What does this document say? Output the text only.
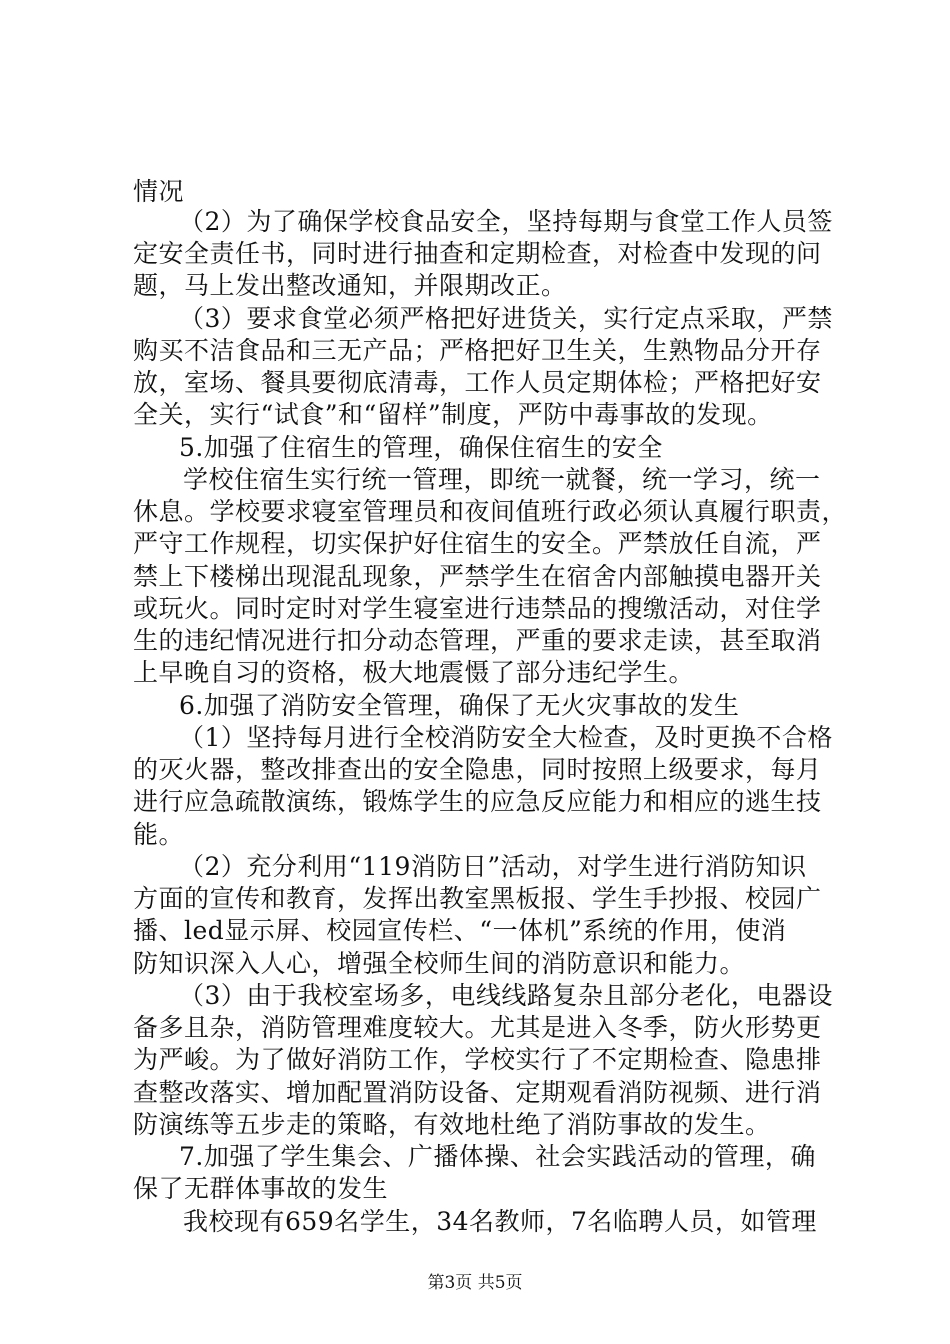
情况
（2）为了确保学校食品安全，坚持每期与食堂工作人员签
定安全责任书，同时进行抽查和定期检查，对检查中发现的问
题，马上发出整改通知，并限期改正。
（3）要求食堂必须严格把好进货关，实行定点采取，严禁
购买不洁食品和三无产品；严格把好卫生关，生熟物品分开存
放，室场、餐具要彻底清毒，工作人员定期体检；严格把好安
全关，实行“试食”和“留样”制度，严防中毒事故的发现。
5.加强了住宿生的管理，确保住宿生的安全
学校住宿生实行统一管理，即统一就餐，统一学习，统一
休息。学校要求寝室管理员和夜间值班行政必须认真履行职责，
严守工作规程，切实保护好住宿生的安全。严禁放任自流，严
禁上下楼梯出现混乱现象，严禁学生在宿舍内部触摸电器开关
或玩火。同时定时对学生寝室进行违禁品的搜缴活动，对住学
生的违纪情况进行扣分动态管理，严重的要求走读，甚至取消
上早晚自习的资格，极大地震慑了部分违纪学生。
6.加强了消防安全管理，确保了无火灾事故的发生
（1）坚持每月进行全校消防安全大检查，及时更换不合格
的灭火器，整改排查出的安全隐患，同时按照上级要求，每月
进行应急疏散演练，锻炼学生的应急反应能力和相应的逃生技
能。
（2）充分利用“119消防日”活动，对学生进行消防知识
方面的宣传和教育，发挥出教室黑板报、学生手抄报、校园广
播、led显示屏、校园宣传栏、“一体机”系统的作用，使消
防知识深入人心，增强全校师生间的消防意识和能力。
（3）由于我校室场多，电线线路复杂且部分老化，电器设
备多且杂，消防管理难度较大。尤其是进入冬季，防火形势更
为严峻。为了做好消防工作，学校实行了不定期检查、隐患排
查整改落实、增加配置消防设备、定期观看消防视频、进行消
防演练等五步走的策略，有效地杜绝了消防事故的发生。
7.加强了学生集会、广播体操、社会实践活动的管理，确
保了无群体事故的发生
我校现有659名学生，34名教师，7名临聘人员，如管理
第3页 共5页
